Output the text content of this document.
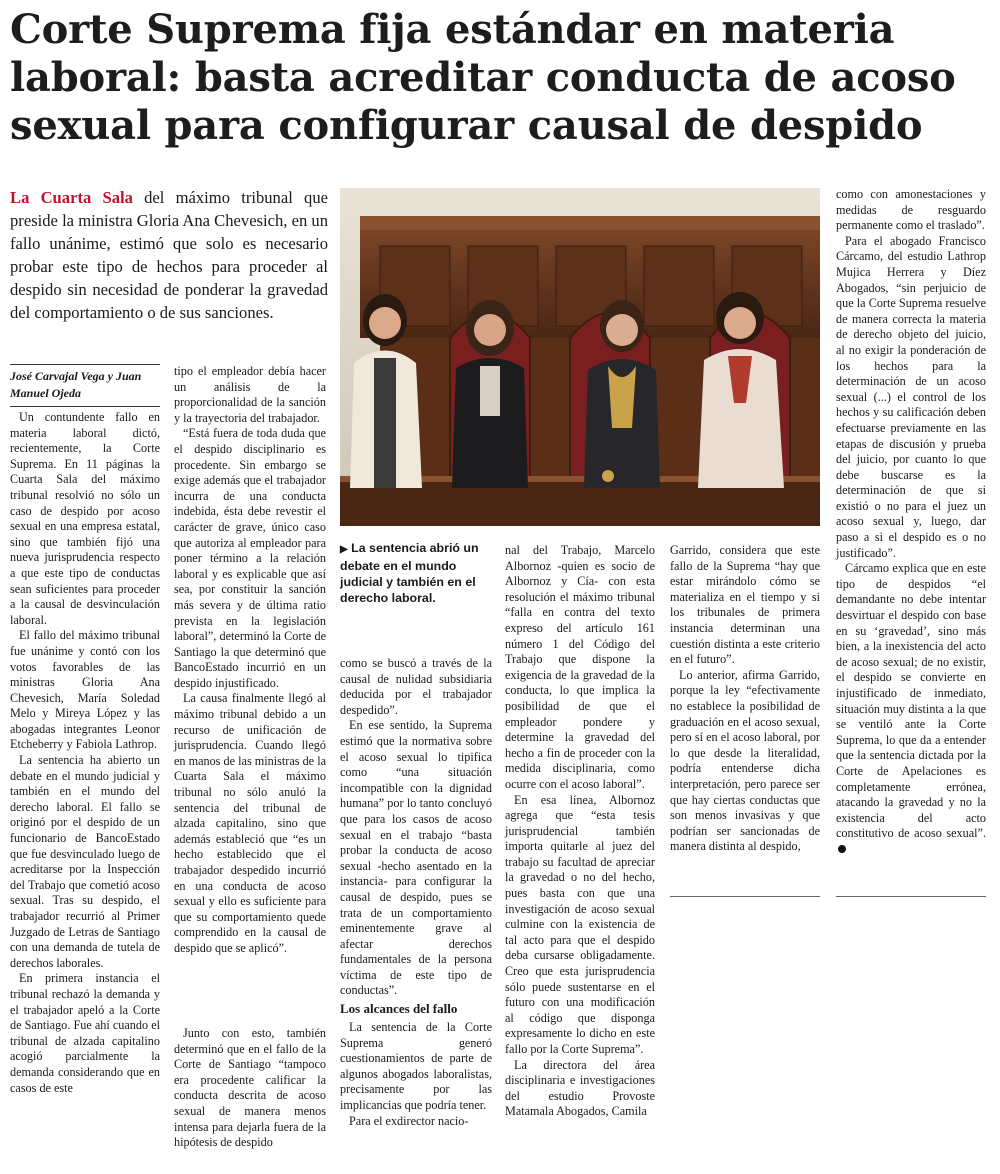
Corte Suprema fija estándar en materia
laboral: basta acreditar conducta de acoso
sexual para configurar causal de despido
La Cuarta Sala del máximo tribunal que preside la ministra Gloria Ana Chevesich, en un fallo unánime, estimó que solo es necesario probar este tipo de hechos para proceder al despido sin necesidad de ponderar la gravedad del comportamiento o de sus sanciones.
José Carvajal Vega y Juan Manuel Ojeda

Un contundente fallo en materia laboral dictó, recientemente, la Corte Suprema. En 11 páginas la Cuarta Sala del máximo tribunal resolvió no sólo un caso de despido por acoso sexual en una empresa estatal, sino que también fijó una nueva jurisprudencia respecto a que este tipo de conductas sean suficientes para proceder a la causal de desvinculación laboral.

El fallo del máximo tribunal fue unánime y contó con los votos favorables de las ministras Gloria Ana Chevesich, María Soledad Melo y Mireya López y las abogadas integrantes Leonor Etcheberry y Fabiola Lathrop.

La sentencia ha abierto un debate en el mundo judicial y también en el mundo del derecho laboral. El fallo se originó por el despido de un funcionario de BancoEstado que fue desvinculado luego de acreditarse por la Inspección del Trabajo que cometió acoso sexual. Tras su despido, el trabajador recurrió al Primer Juzgado de Letras de Santiago con una demanda de tutela de derechos laborales.

En primera instancia el tribunal rechazó la demanda y el trabajador apeló a la Corte de Santiago. Fue ahí cuando el tribunal de alzada capitalino acogió parcialmente la demanda considerando que en casos de este

tipo el empleador debía hacer un análisis de la proporcionalidad de la sanción y la trayectoria del trabajador.

“Está fuera de toda duda que el despido disciplinario es procedente. Sin embargo se exige además que el trabajador incurra de una conducta indebida, ésta debe revestir el carácter de grave, único caso que autoriza al empleador para poner término a la relación laboral y es explicable que así sea, por constituir la sanción más severa y de última ratio prevista en la legislación laboral”, determinó la Corte de Santiago la que determinó que BancoEstado incurrió en un despido injustificado.

La causa finalmente llegó al máximo tribunal debido a un recurso de unificación de jurisprudencia. Cuando llegó en manos de las ministras de la Cuarta Sala el máximo tribunal no sólo anuló la sentencia del tribunal de alzada capitalino, sino que además estableció que “es un hecho establecido que el trabajador despedido incurrió en una conducta de acoso sexual y ello es suficiente para que su comportamiento quede comprendido en la causal de despido que se aplicó”.

Junto con esto, también determinó que en el fallo de la Corte de Santiago “tampoco era procedente calificar la conducta descrita de acoso sexual de manera menos intensa para dejarla fuera de la hipótesis de despido

▶ La sentencia abrió un debate en el mundo judicial y también en el derecho laboral.

como se buscó a través de la causal de nulidad subsidiaria deducida por el trabajador despedido”.

En ese sentido, la Suprema estimó que la normativa sobre el acoso sexual lo tipifica como “una situación incompatible con la dignidad humana” por lo tanto concluyó que para los casos de acoso sexual en el trabajo “basta probar la conducta de acoso sexual -hecho asentado en la instancia- para configurar la causal de despido, pues se trata de un comportamiento eminentemente grave al afectar derechos fundamentales de la persona víctima de este tipo de conductas”.

Los alcances del fallo

La sentencia de la Corte Suprema generó cuestionamientos de parte de algunos abogados laboralistas, precisamente por las implicancias que podría tener.

Para el exdirector nacio-

nal del Trabajo, Marcelo Albornoz -quien es socio de Albornoz y Cía- con esta resolución el máximo tribunal “falla en contra del texto expreso del artículo 161 número 1 del Código del Trabajo que dispone la exigencia de la gravedad de la conducta, lo que implica la posibilidad de que el empleador pondere y determine la gravedad del hecho a fin de proceder con la medida disciplinaria, como ocurre con el acoso laboral”.

En esa línea, Albornoz agrega que “esta tesis jurisprudencial también importa quitarle al juez del trabajo su facultad de apreciar la gravedad o no del hecho, pues basta con que una investigación de acoso sexual culmine con la existencia de tal acto para que el despido deba cursarse obligadamente. Creo que esta jurisprudencia sólo puede sustentarse en el futuro con una modificación al código que disponga expresamente lo dicho en este fallo por la Corte Suprema”.

La directora del área disciplinaria e investigaciones del estudio Provoste Matamala Abogados, Camila

Garrido, considera que este fallo de la Suprema “hay que estar mirándolo cómo se materializa en el tiempo y si los tribunales de primera instancia determinan una cuestión distinta a este criterio en el futuro”.

Lo anterior, afirma Garrido, porque la ley “efectivamente no establece la posibilidad de graduación en el acoso sexual, pero sí en el acoso laboral, por lo que desde la literalidad, podría entenderse dicha interpretación, pero parece ser que hay ciertas conductas que son menos invasivas y que podrían ser sancionadas de manera distinta al despido,

como con amonestaciones y medidas de resguardo permanente como el traslado”.

Para el abogado Francisco Cárcamo, del estudio Lathrop Mujica Herrera y Díez Abogados, “sin perjuicio de que la Corte Suprema resuelve de manera correcta la materia de derecho objeto del juicio, al no exigir la ponderación de los hechos para la determinación de un acoso sexual (...) el control de los hechos y su calificación deben efectuarse previamente en las etapas de discusión y prueba del juicio, por cuanto lo que debe buscarse es la determinación de que si existió o no para el juez un acoso sexual y, luego, dar paso a si el despido es o no justificado”.

Cárcamo explica que en este tipo de despidos “el demandante no debe intentar desvirtuar el despido con base en su ‘gravedad’, sino más bien, a la inexistencia del acto de acoso sexual; de no existir, el despido se convierte en injustificado de inmediato, situación muy distinta a la que se ventiló ante la Corte Suprema, lo que da a entender que la sentencia dictada por la Corte de Apelaciones es completamente errónea, atacando la gravedad y no la existencia del acto constitutivo de acoso sexual”.
